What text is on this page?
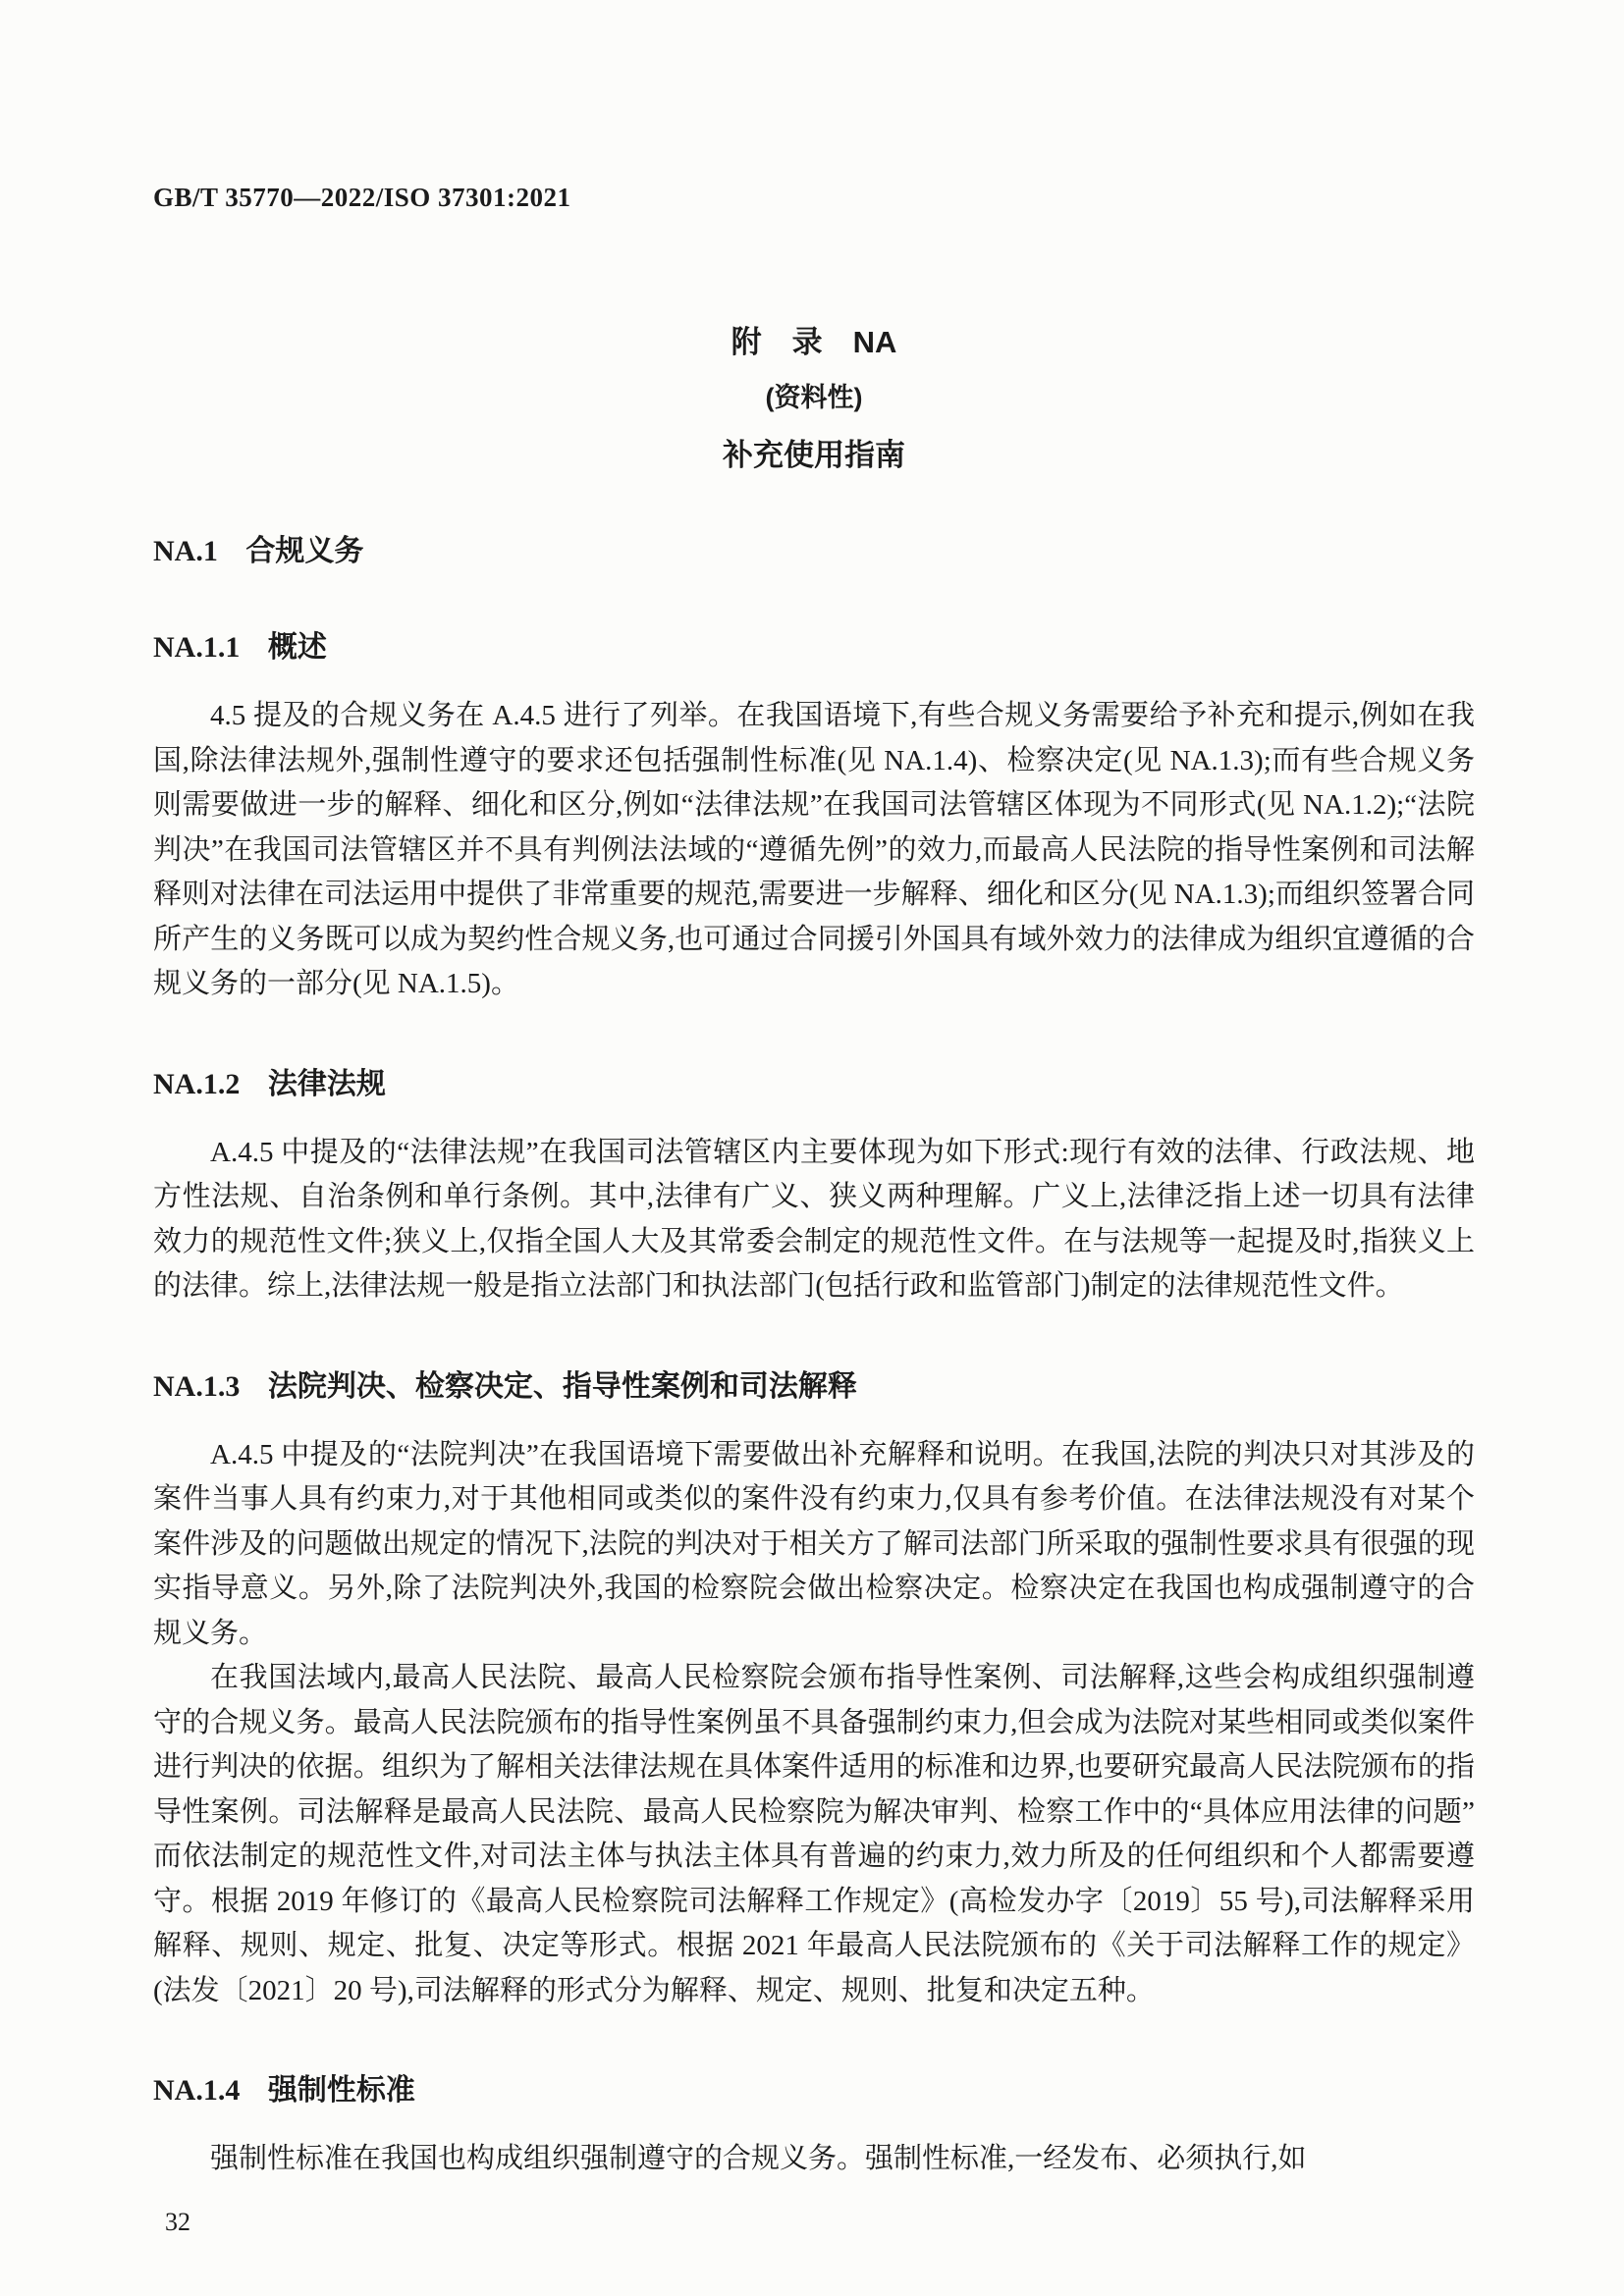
GB/T 35770—2022/ISO 37301:2021

附　录　NA

(资料性)

补充使用指南

NA.1 合规义务
NA.1.1 概述

4.5 提及的合规义务在 A.4.5 进行了列举。在我国语境下,有些合规义务需要给予补充和提示,例如在我国,除法律法规外,强制性遵守的要求还包括强制性标准(见 NA.1.4)、检察决定(见 NA.1.3);而有些合规义务则需要做进一步的解释、细化和区分,例如“法律法规”在我国司法管辖区体现为不同形式(见 NA.1.2);“法院判决”在我国司法管辖区并不具有判例法法域的“遵循先例”的效力,而最高人民法院的指导性案例和司法解释则对法律在司法运用中提供了非常重要的规范,需要进一步解释、细化和区分(见 NA.1.3);而组织签署合同所产生的义务既可以成为契约性合规义务,也可通过合同援引外国具有域外效力的法律成为组织宜遵循的合规义务的一部分(见 NA.1.5)。

NA.1.2 法律法规

A.4.5 中提及的“法律法规”在我国司法管辖区内主要体现为如下形式:现行有效的法律、行政法规、地方性法规、自治条例和单行条例。其中,法律有广义、狭义两种理解。广义上,法律泛指上述一切具有法律效力的规范性文件;狭义上,仅指全国人大及其常委会制定的规范性文件。在与法规等一起提及时,指狭义上的法律。综上,法律法规一般是指立法部门和执法部门(包括行政和监管部门)制定的法律规范性文件。

NA.1.3 法院判决、检察决定、指导性案例和司法解释

A.4.5 中提及的“法院判决”在我国语境下需要做出补充解释和说明。在我国,法院的判决只对其涉及的案件当事人具有约束力,对于其他相同或类似的案件没有约束力,仅具有参考价值。在法律法规没有对某个案件涉及的问题做出规定的情况下,法院的判决对于相关方了解司法部门所采取的强制性要求具有很强的现实指导意义。另外,除了法院判决外,我国的检察院会做出检察决定。检察决定在我国也构成强制遵守的合规义务。

在我国法域内,最高人民法院、最高人民检察院会颁布指导性案例、司法解释,这些会构成组织强制遵守的合规义务。最高人民法院颁布的指导性案例虽不具备强制约束力,但会成为法院对某些相同或类似案件进行判决的依据。组织为了解相关法律法规在具体案件适用的标准和边界,也要研究最高人民法院颁布的指导性案例。司法解释是最高人民法院、最高人民检察院为解决审判、检察工作中的“具体应用法律的问题”而依法制定的规范性文件,对司法主体与执法主体具有普遍的约束力,效力所及的任何组织和个人都需要遵守。根据 2019 年修订的《最高人民检察院司法解释工作规定》(高检发办字〔2019〕55 号),司法解释采用解释、规则、规定、批复、决定等形式。根据 2021 年最高人民法院颁布的《关于司法解释工作的规定》(法发〔2021〕20 号),司法解释的形式分为解释、规定、规则、批复和决定五种。

NA.1.4 强制性标准

强制性标准在我国也构成组织强制遵守的合规义务。强制性标准,一经发布、必须执行,如

32
